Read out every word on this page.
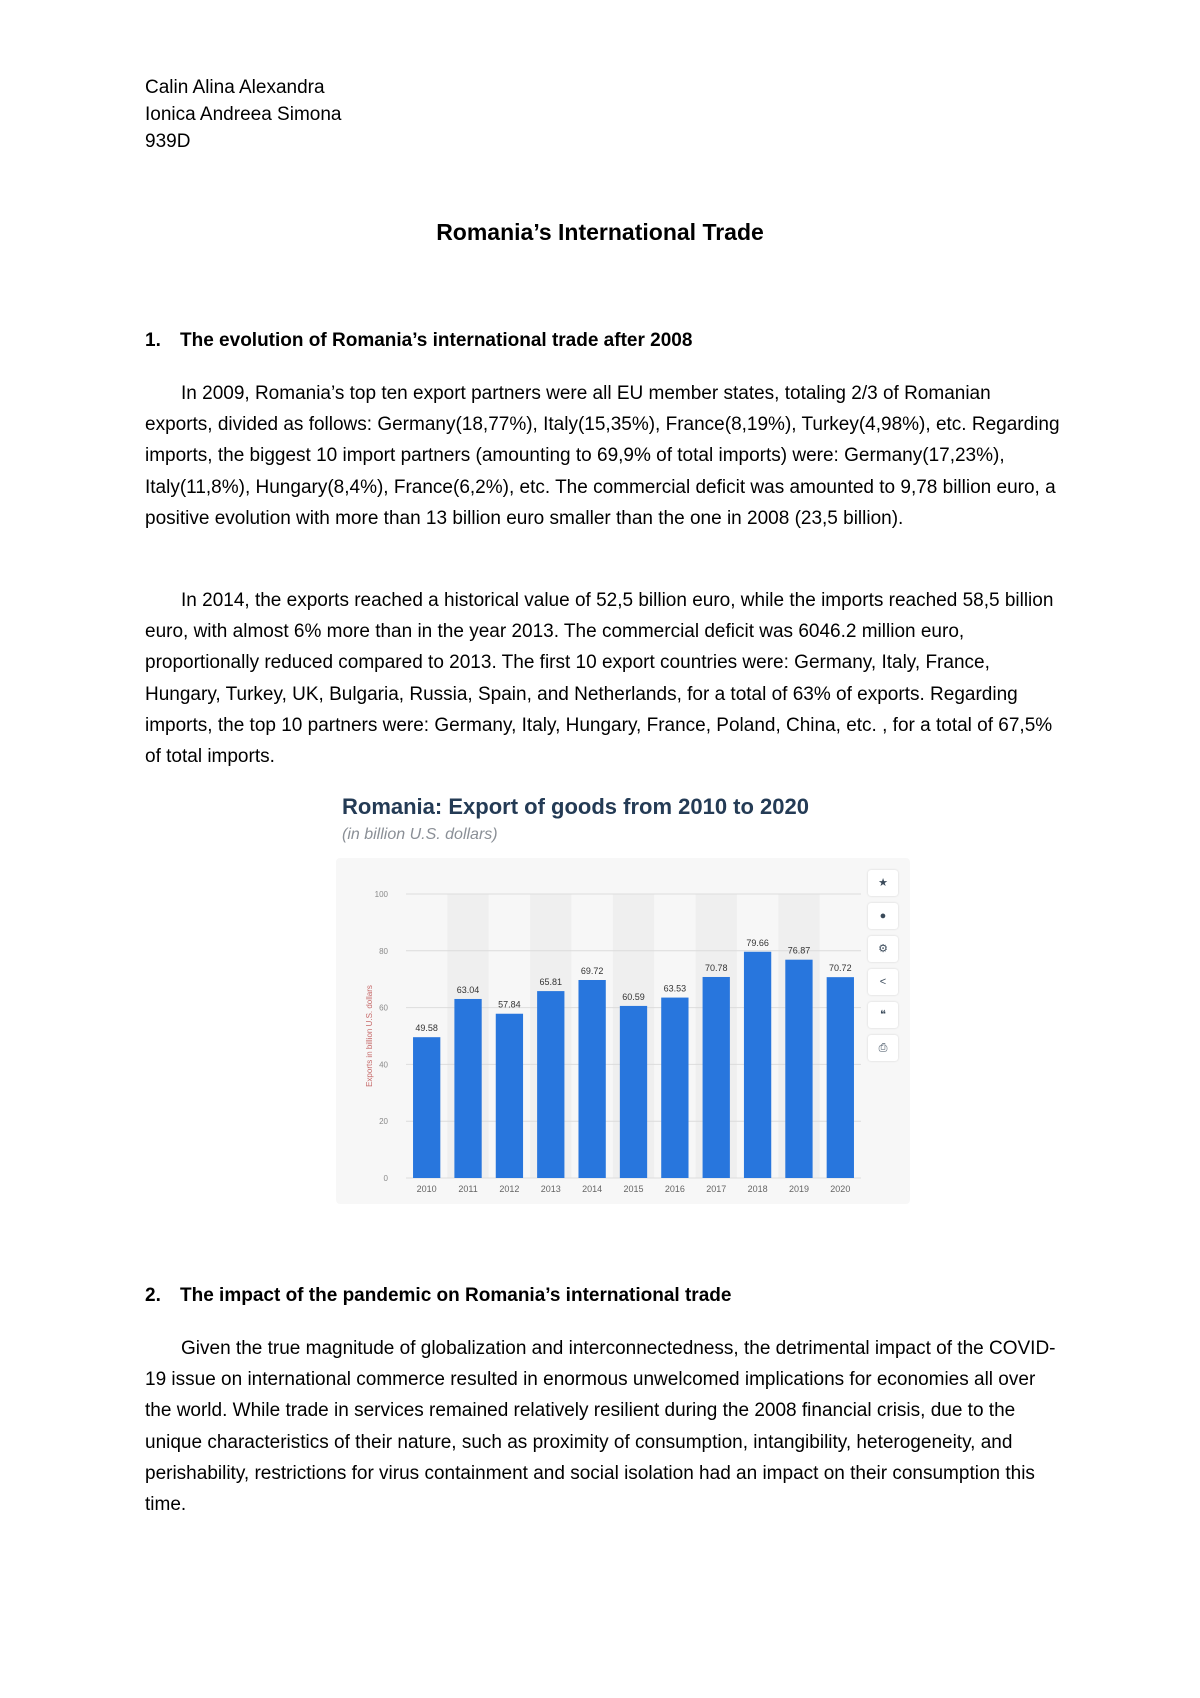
Calin Alina Alexandra
Ionica Andreea Simona
939D
Romania’s International Trade
1. The evolution of Romania’s international trade after 2008
In 2009, Romania’s top ten export partners were all EU member states, totaling 2/3 of Romanian exports, divided as follows: Germany(18,77%), Italy(15,35%), France(8,19%), Turkey(4,98%), etc. Regarding imports, the biggest 10 import partners (amounting to 69,9% of total imports) were: Germany(17,23%), Italy(11,8%), Hungary(8,4%), France(6,2%), etc. The commercial deficit was amounted to 9,78 billion euro, a positive evolution with more than 13 billion euro smaller than the one in 2008 (23,5 billion).
In 2014, the exports reached a historical value of 52,5 billion euro, while the imports reached 58,5 billion euro, with almost 6% more than in the year 2013. The commercial deficit was 6046.2 million euro, proportionally reduced compared to 2013. The first 10 export countries were: Germany, Italy, France, Hungary, Turkey, UK, Bulgaria, Russia, Spain, and Netherlands, for a total of 63% of exports. Regarding imports, the top 10 partners were: Germany, Italy, Hungary, France, Poland, China, etc. , for a total of 67,5% of total imports.
Romania: Export of goods from 2010 to 2020
(in billion U.S. dollars)
0
20
40
60
80
100
Exports in billion U.S. dollars	49.58
2010
63.04
2011
57.84
2012
65.81
2013
69.72
2014
60.59
2015
63.53
2016
70.78
2017
79.66
2018
76.87
2019
70.72
2020
★
●
⚙
<
❝
⎙
2. The impact of the pandemic on Romania’s international trade
Given the true magnitude of globalization and interconnectedness, the detrimental impact of the COVID-19 issue on international commerce resulted in enormous unwelcomed implications for economies all over the world. While trade in services remained relatively resilient during the 2008 financial crisis, due to the unique characteristics of their nature, such as proximity of consumption, intangibility, heterogeneity, and perishability, restrictions for virus containment and social isolation had an impact on their consumption this time.
